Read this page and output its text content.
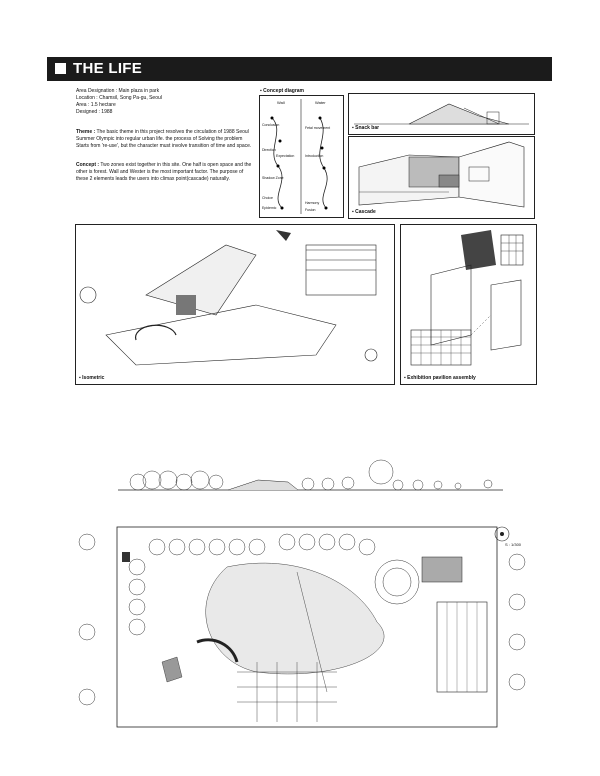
THE LIFE
Area Designation : Main plaza in park
Location : Chamsil, Song Pa-gu, Seoul
Area : 1.5 hectare
Designed : 1988
Theme : The basic theme in this project resolves the circulation of 1988 Seoul Summer Olympic into regular urban life. the process of Solving the problem Starts from 're-use', but the character must involve transition of time and space.
Concept : Two zones exist together in this site. One half is open space and the other is forest. Wall and Wester is the most important factor. The purpose of these 2 elements leads the users into climax point(cascade) naturally.
▪ Concept diagram
Wall	Water
Conclusion
Direction
Expectation
Shadow Zone
Choice
Epidemic
Fetal movement
Introduction
Harmony
Fusion
▪ Snack bar
▪ Cascade
▪ Isometric	▪ Exhibition pavilion assembly
S : 1/300
